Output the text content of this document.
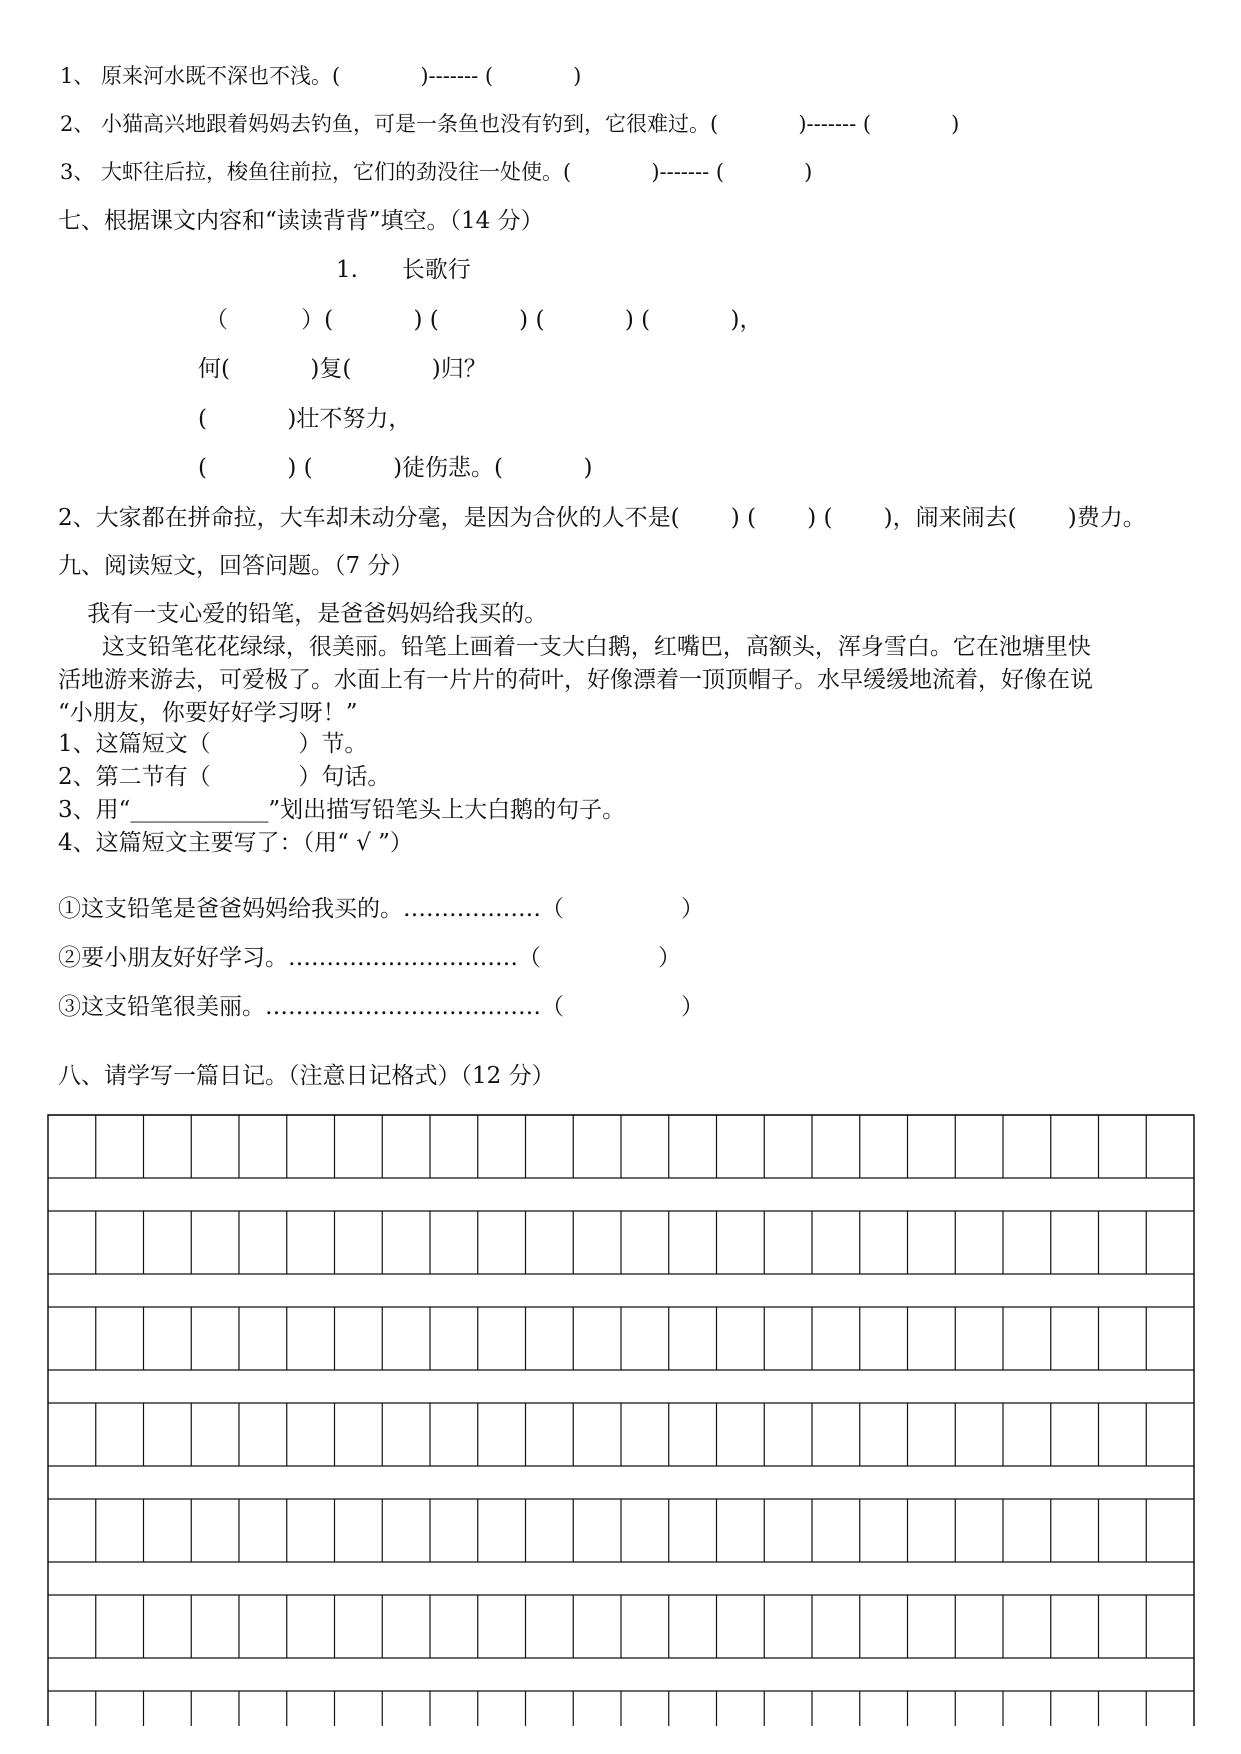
1、 原来河水既不深也不浅。(            )------- (            )
2、 小猫高兴地跟着妈妈去钓鱼，可是一条鱼也没有钓到，它很难过。(            )------- (            )
3、 大虾往后拉，梭鱼往前拉，它们的劲没往一处使。(            )------- (            )
七、根据课文内容和“读读背背”填空。（14 分）
1.      长歌行
（          ）(           ) (           ) (           ) (           )，
何(           )复(           )归？
(           )壮不努力，
(           ) (           )徒伤悲。(           )
2、大家都在拼命拉，大车却未动分毫，是因为合伙的人不是(       ) (       ) (       )，闹来闹去(       )费力。
九、阅读短文，回答问题。（7 分）
我有一支心爱的铅笔，是爸爸妈妈给我买的。
这支铅笔花花绿绿，很美丽。铅笔上画着一支大白鹅，红嘴巴，高额头，浑身雪白。它在池塘里快
活地游来游去，可爱极了。水面上有一片片的荷叶，好像漂着一顶顶帽子。水早缓缓地流着，好像在说
“小朋友，你要好好学习呀！”
1、这篇短文（            ）节。
2、第二节有（            ）句话。
3、用“____________”划出描写铅笔头上大白鹅的句子。
4、这篇短文主要写了：（用“ √ ”）
①这支铅笔是爸爸妈妈给我买的。………………（                ）
②要小朋友好好学习。…………………………（                ）
③这支铅笔很美丽。………………………………（                ）
八、请学写一篇日记。（注意日记格式）（12 分）
